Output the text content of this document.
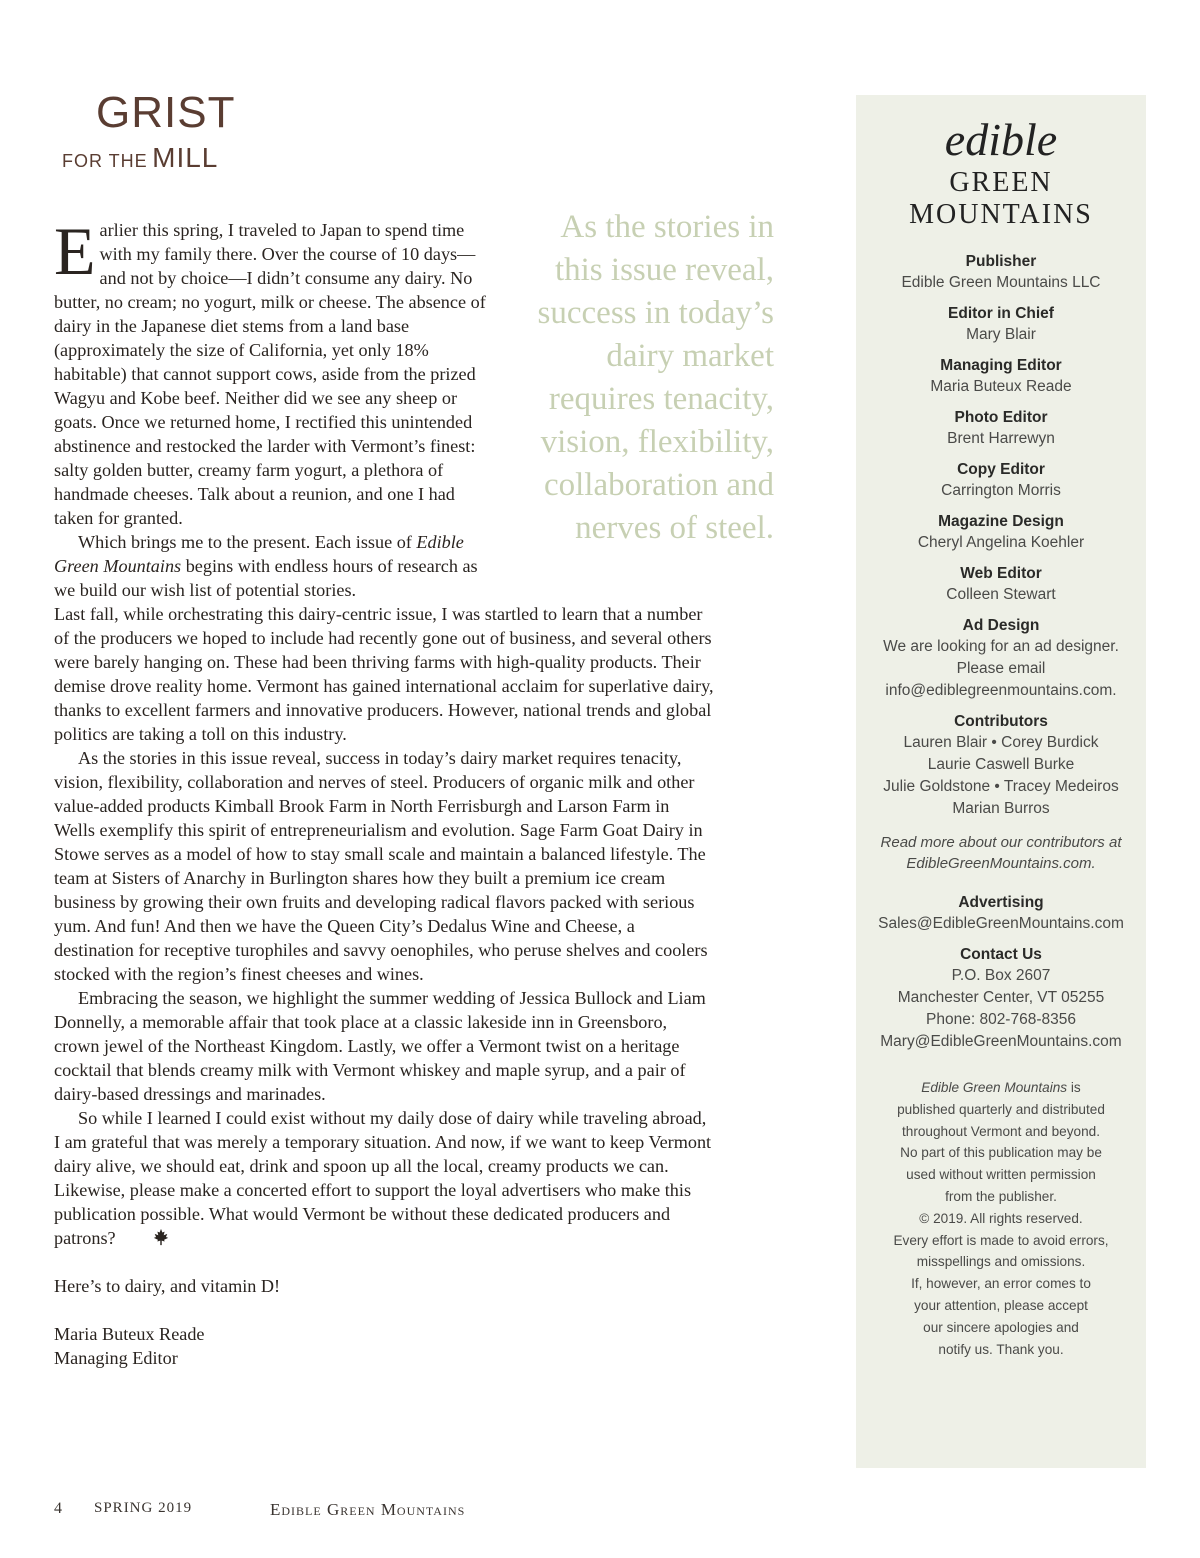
GRIST
FOR THE MILL
As the stories in this issue reveal, success in today’s dairy market requires tenacity, vision, flexibility, collaboration and nerves of steel.

Earlier this spring, I traveled to Japan to spend time with my family there. Over the course of 10 days—and not by choice—I didn’t consume any dairy. No butter, no cream; no yogurt, milk or cheese. The absence of dairy in the Japanese diet stems from a land base (approximately the size of California, yet only 18% habitable) that cannot support cows, aside from the prized Wagyu and Kobe beef. Neither did we see any sheep or goats. Once we returned home, I rectified this unintended abstinence and restocked the larder with Vermont’s finest: salty golden butter, creamy farm yogurt, a plethora of handmade cheeses. Talk about a reunion, and one I had taken for granted.

Which brings me to the present. Each issue of Edible Green Mountains begins with endless hours of research as we build our wish list of potential stories.

Last fall, while orchestrating this dairy-centric issue, I was startled to learn that a number of the producers we hoped to include had recently gone out of business, and several others were barely hanging on. These had been thriving farms with high-quality products. Their demise drove reality home. Vermont has gained international acclaim for superlative dairy, thanks to excellent farmers and innovative producers. However, national trends and global politics are taking a toll on this industry.

As the stories in this issue reveal, success in today’s dairy market requires tenacity, vision, flexibility, collaboration and nerves of steel. Producers of organic milk and other value-added products Kimball Brook Farm in North Ferrisburgh and Larson Farm in Wells exemplify this spirit of entrepreneurialism and evolution. Sage Farm Goat Dairy in Stowe serves as a model of how to stay small scale and maintain a balanced lifestyle. The team at Sisters of Anarchy in Burlington shares how they built a premium ice cream business by growing their own fruits and developing radical flavors packed with serious yum. And fun! And then we have the Queen City’s Dedalus Wine and Cheese, a destination for receptive turophiles and savvy oenophiles, who peruse shelves and coolers stocked with the region’s finest cheeses and wines.

Embracing the season, we highlight the summer wedding of Jessica Bullock and Liam Donnelly, a memorable affair that took place at a classic lakeside inn in Greensboro, crown jewel of the Northeast Kingdom. Lastly, we offer a Vermont twist on a heritage cocktail that blends creamy milk with Vermont whiskey and maple syrup, and a pair of dairy-based dressings and marinades.

So while I learned I could exist without my daily dose of dairy while traveling abroad, I am grateful that was merely a temporary situation. And now, if we want to keep Vermont dairy alive, we should eat, drink and spoon up all the local, creamy products we can. Likewise, please make a concerted effort to support the loyal advertisers who make this publication possible. What would Vermont be without these dedicated producers and patrons?

Here’s to dairy, and vitamin D!

Maria Buteux Reade

Managing Editor

edible
GREEN
MOUNTAINS
Publisher
Edible Green Mountains LLC
Editor in Chief
Mary Blair
Managing Editor
Maria Buteux Reade
Photo Editor
Brent Harrewyn
Copy Editor
Carrington Morris
Magazine Design
Cheryl Angelina Koehler
Web Editor
Colleen Stewart
Ad Design
We are looking for an ad designer.
Please email
info@ediblegreenmountains.com.
Contributors
Lauren Blair • Corey Burdick
Laurie Caswell Burke
Julie Goldstone • Tracey Medeiros
Marian Burros
Read more about our contributors at
EdibleGreenMountains.com.
Advertising
Sales@EdibleGreenMountains.com
Contact Us
P.O. Box 2607
Manchester Center, VT 05255
Phone: 802-768-8356
Mary@EdibleGreenMountains.com
Edible Green Mountains is
published quarterly and distributed
throughout Vermont and beyond.
No part of this publication may be
used without written permission
from the publisher.
© 2019. All rights reserved.
Every effort is made to avoid errors,
misspellings and omissions.
If, however, an error comes to
your attention, please accept
our sincere apologies and
notify us. Thank you.
4 SPRING 2019	Edible Green Mountains
